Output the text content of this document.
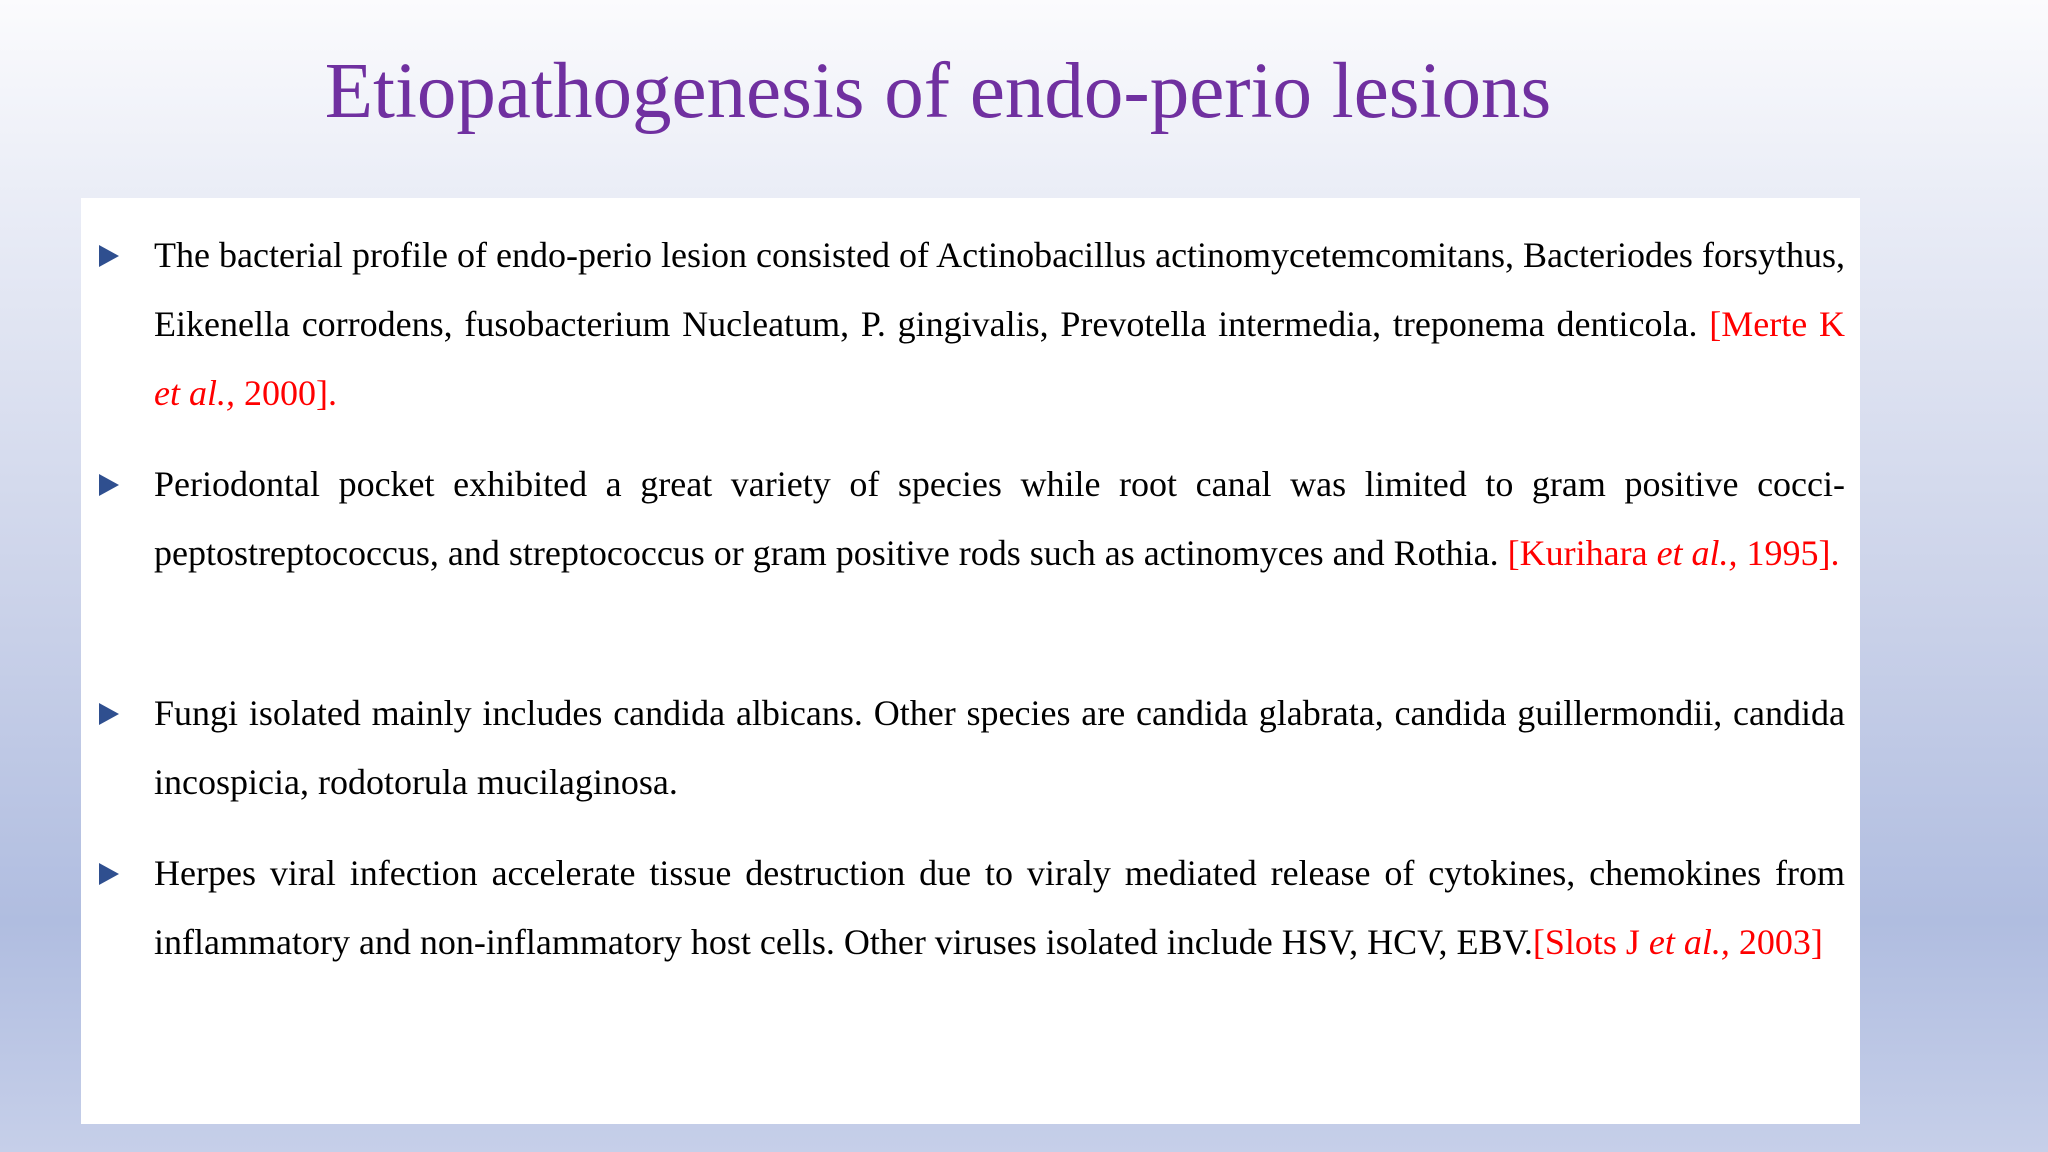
Etiopathogenesis of endo-perio lesions
The bacterial profile of endo-perio lesion consisted of Actinobacillus actinomycetemcomitans, Bacteriodes forsythus, Eikenella corrodens, fusobacterium Nucleatum, P. gingivalis, Prevotella intermedia, treponema denticola. [Merte K et al., 2000].
Periodontal pocket exhibited a great variety of species while root canal was limited to gram positive cocci-peptostreptococcus, and streptococcus or gram positive rods such as actinomyces and Rothia. [Kurihara et al., 1995].
Fungi isolated mainly includes candida albicans. Other species are candida glabrata, candida guillermondii, candida incospicia, rodotorula mucilaginosa.
Herpes viral infection accelerate tissue destruction due to viraly mediated release of cytokines, chemokines from inflammatory and non-inflammatory host cells. Other viruses isolated include HSV, HCV, EBV.[Slots J et al., 2003]
